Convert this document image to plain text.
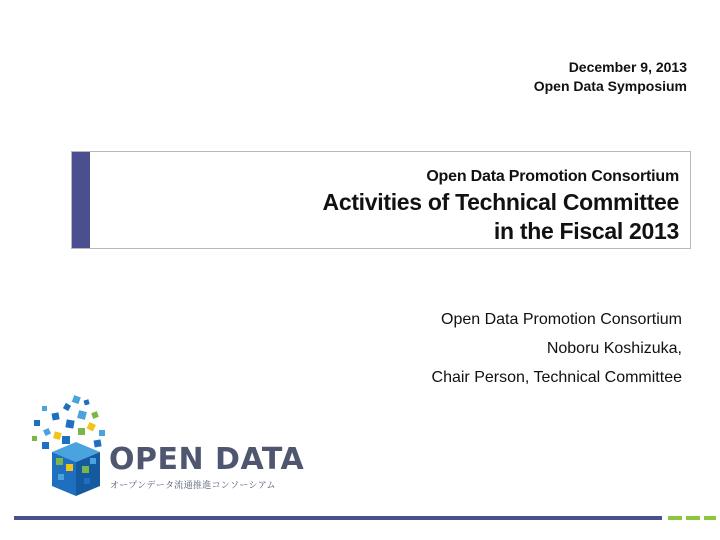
December 9, 2013
Open Data Symposium
Open Data Promotion Consortium
Activities of Technical Committee
in the Fiscal 2013
Open Data Promotion Consortium
Noboru Koshizuka,
Chair Person, Technical Committee
OPEN DATA
オープンデータ流通推進コンソーシアム
